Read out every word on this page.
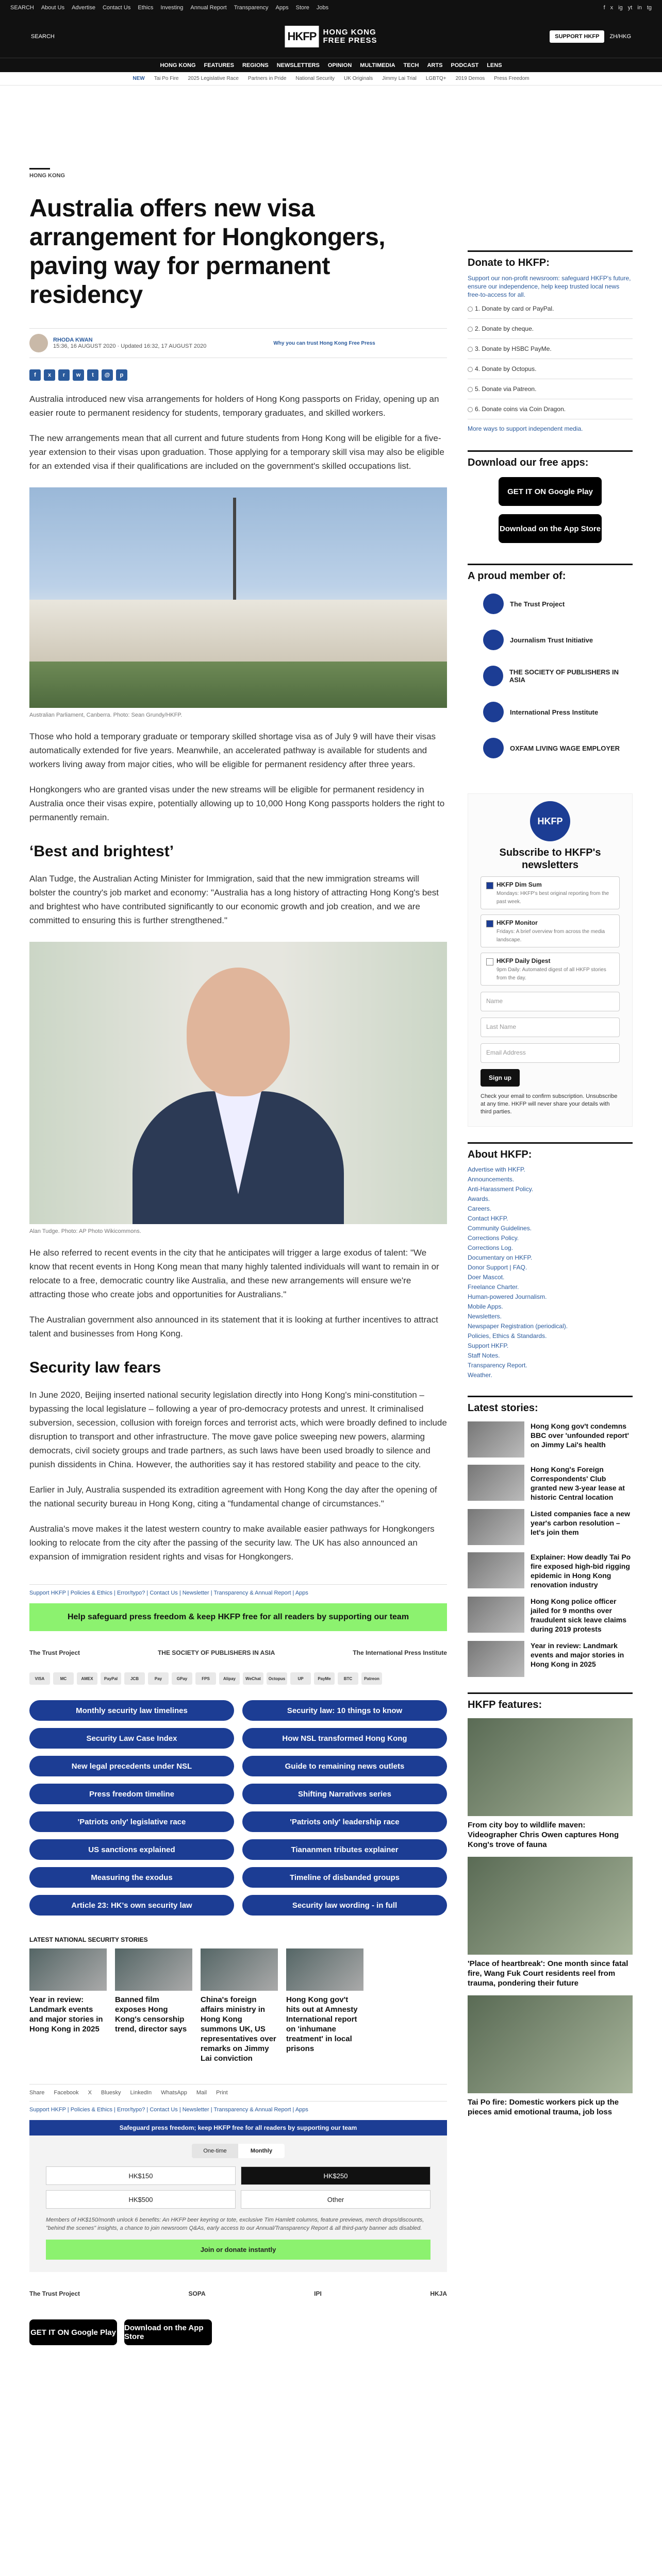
SEARCH About Us Advertise Contact Us Ethics Investing Annual Report Transparency Apps Store Jobs	f x ig yt in tg
SEARCH	HKFP HONG KONG
FREE PRESS	SUPPORT HKFP	ZH/HKG
HONG KONG FEATURES REGIONS NEWSLETTERS OPINION MULTIMEDIA TECH ARTS PODCAST LENS
NEW Tai Po Fire 2025 Legislative Race Partners in Pride National Security UK Originals Jimmy Lai Trial LGBTQ+ 2019 Demos Press Freedom
HONG KONG
Australia offers new visa arrangement for Hongkongers, paving way for permanent residency
RHODA KWAN
15:36, 16 AUGUST 2020 · Updated 16:32, 17 AUGUST 2020	Why you can trust Hong Kong Free Press
f	x	r	w	t	@	p

Australia introduced new visa arrangements for holders of Hong Kong passports on Friday, opening up an easier route to permanent residency for students, temporary graduates, and skilled workers.

The new arrangements mean that all current and future students from Hong Kong will be eligible for a five-year extension to their visas upon graduation. Those applying for a temporary skill visa may also be eligible for an extended visa if their qualifications are included on the government's skilled occupations list.

Australian Parliament, Canberra. Photo: Sean Grundy/HKFP.

Those who hold a temporary graduate or temporary skilled shortage visa as of July 9 will have their visas automatically extended for five years. Meanwhile, an accelerated pathway is available for students and workers living away from major cities, who will be eligible for permanent residency after three years.

Hongkongers who are granted visas under the new streams will be eligible for permanent residency in Australia once their visas expire, potentially allowing up to 10,000 Hong Kong passports holders the right to permanently remain.

‘Best and brightest’

Alan Tudge, the Australian Acting Minister for Immigration, said that the new immigration streams will bolster the country's job market and economy: "Australia has a long history of attracting Hong Kong's best and brightest who have contributed significantly to our economic growth and job creation, and we are committed to ensuring this is further strengthened."

Alan Tudge. Photo: AP Photo Wikicommons.

He also referred to recent events in the city that he anticipates will trigger a large exodus of talent: "We know that recent events in Hong Kong mean that many highly talented individuals will want to remain in or relocate to a free, democratic country like Australia, and these new arrangements will ensure we're attracting those who create jobs and opportunities for Australians."

The Australian government also announced in its statement that it is looking at further incentives to attract talent and businesses from Hong Kong.

Security law fears

In June 2020, Beijing inserted national security legislation directly into Hong Kong's mini-constitution – bypassing the local legislature – following a year of pro-democracy protests and unrest. It criminalised subversion, secession, collusion with foreign forces and terrorist acts, which were broadly defined to include disruption to transport and other infrastructure. The move gave police sweeping new powers, alarming democrats, civil society groups and trade partners, as such laws have been used broadly to silence and punish dissidents in China. However, the authorities say it has restored stability and peace to the city.

Earlier in July, Australia suspended its extradition agreement with Hong Kong the day after the opening of the national security bureau in Hong Kong, citing a "fundamental change of circumstances."

Australia's move makes it the latest western country to make available easier pathways for Hongkongers looking to relocate from the city after the passing of the security law. The UK has also announced an expansion of immigration resident rights and visas for Hongkongers.

Support HKFP | Policies & Ethics | Error/typo? | Contact Us | Newsletter | Transparency & Annual Report | Apps
Help safeguard press freedom & keep HKFP free for all readers by supporting our team
The Trust Project	THE SOCIETY OF PUBLISHERS IN ASIA	The International Press Institute
VISA	MC	AMEX	PayPal	JCB	Pay	GPay	FPS	Alipay	WeChat	Octopus	UP	PayMe	BTC	Patreon
Monthly security law timelines	Security law: 10 things to know
Security Law Case Index	How NSL transformed Hong Kong
New legal precedents under NSL	Guide to remaining news outlets
Press freedom timeline	Shifting Narratives series
'Patriots only' legislative race	'Patriots only' leadership race
US sanctions explained	Tiananmen tributes explainer
Measuring the exodus	Timeline of disbanded groups
Article 23: HK's own security law	Security law wording - in full
LATEST NATIONAL SECURITY STORIES
Year in review: Landmark events and major stories in Hong Kong in 2025
Banned film exposes Hong Kong's censorship trend, director says
China's foreign affairs ministry in Hong Kong summons UK, US representatives over remarks on Jimmy Lai conviction
Hong Kong gov't hits out at Amnesty International report on 'inhumane treatment' in local prisons
Share Facebook X Bluesky LinkedIn WhatsApp Mail Print
Support HKFP | Policies & Ethics | Error/typo? | Contact Us | Newsletter | Transparency & Annual Report | Apps
Safeguard press freedom; keep HKFP free for all readers by supporting our team
One-time	Monthly
HK$150	HK$250
HK$500	Other
Members of HK$150/month unlock 6 benefits: An HKFP beer keyring or tote, exclusive Tim Hamlett columns, feature previews, merch drops/discounts, "behind the scenes" insights, a chance to join newsroom Q&As, early access to our Annual/Transparency Report & all third-party banner ads disabled.
Join or donate instantly
The Trust Project	SOPA	IPI	HKJA
GET IT ON Google Play Download on the App Store
Donate to HKFP:
Support our non-profit newsroom: safeguard HKFP's future, ensure our independence, help keep trusted local news free-to-access for all.
1. Donate by card or PayPal.
2. Donate by cheque.
3. Donate by HSBC PayMe.
4. Donate by Octopus.
5. Donate via Patreon.
6. Donate coins via Coin Dragon.
More ways to support independent media.
Download our free apps:
GET IT ON Google Play
Download on the App Store
A proud member of:
The Trust Project
Journalism Trust Initiative
THE SOCIETY OF PUBLISHERS IN ASIA
International Press Institute
OXFAM LIVING WAGE EMPLOYER
HKFP
Subscribe to HKFP's newsletters
HKFP Dim Sum
Mondays: HKFP's best original reporting from the past week.
HKFP Monitor
Fridays: A brief overview from across the media landscape.
HKFP Daily Digest
9pm Daily: Automated digest of all HKFP stories from the day.
Name
Last Name
Email Address
Sign up
Check your email to confirm subscription. Unsubscribe at any time. HKFP will never share your details with third parties.
About HKFP:
Advertise with HKFP.
Announcements.
Anti-Harassment Policy.
Awards.
Careers.
Contact HKFP.
Community Guidelines.
Corrections Policy.
Corrections Log.
Documentary on HKFP.
Donor Support | FAQ.
Doer Mascot.
Freelance Charter.
Human-powered Journalism.
Mobile Apps.
Newsletters.
Newspaper Registration (periodical).
Policies, Ethics & Standards.
Support HKFP.
Staff Notes.
Transparency Report.
Weather.
Latest stories:
Hong Kong gov't condemns BBC over 'unfounded report' on Jimmy Lai's health
Hong Kong's Foreign Correspondents' Club granted new 3-year lease at historic Central location
Listed companies face a new year's carbon resolution – let's join them
Explainer: How deadly Tai Po fire exposed high-bid rigging epidemic in Hong Kong renovation industry
Hong Kong police officer jailed for 9 months over fraudulent sick leave claims during 2019 protests
Year in review: Landmark events and major stories in Hong Kong in 2025
HKFP features:
From city boy to wildlife maven: Videographer Chris Owen captures Hong Kong's trove of fauna
'Place of heartbreak': One month since fatal fire, Wang Fuk Court residents reel from trauma, pondering their future
Tai Po fire: Domestic workers pick up the pieces amid emotional trauma, job loss
